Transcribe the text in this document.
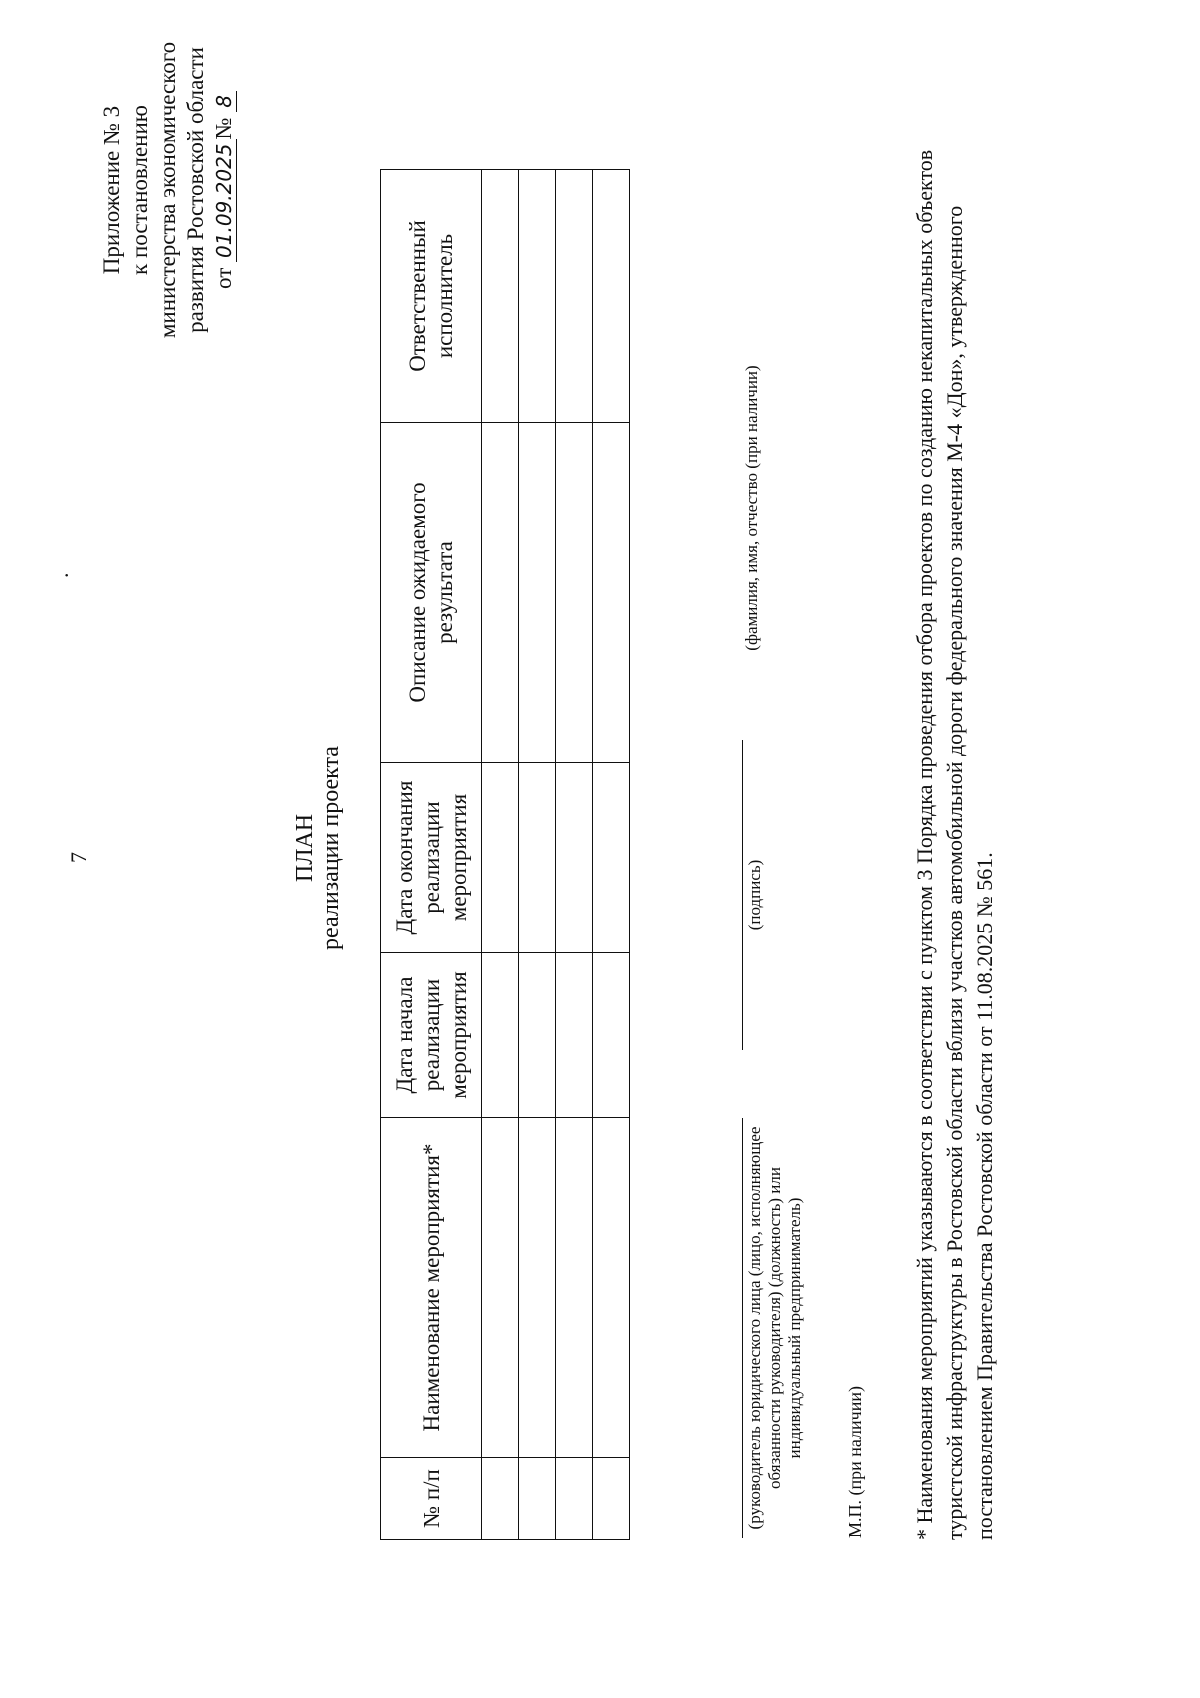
7
.
Приложение № 3 к постановлению министерства экономического развития Ростовской области от 01.09.2025№ 8
ПЛАН реализации проекта
№ п/п	Наименование мероприятия*	Дата начала реализации мероприятия	Дата окончания реализации мероприятия	Описание ожидаемого результата	Ответственный исполнитель

(руководитель юридического лица (лицо, исполняющее обязанности руководителя) (должность) или индивидуальный предприниматель)
(подпись)
(фамилия, имя, отчество (при наличии)
М.П. (при наличии) * Наименования мероприятий указываются в соответствии с пунктом 3 Порядка проведения отбора проектов по созданию некапитальных объектов туристской инфраструктуры в Ростовской области вблизи участков автомобильной дороги федерального значения М-4 «Дон», утвержденного постановлением Правительства Ростовской области от 11.08.2025 № 561.
